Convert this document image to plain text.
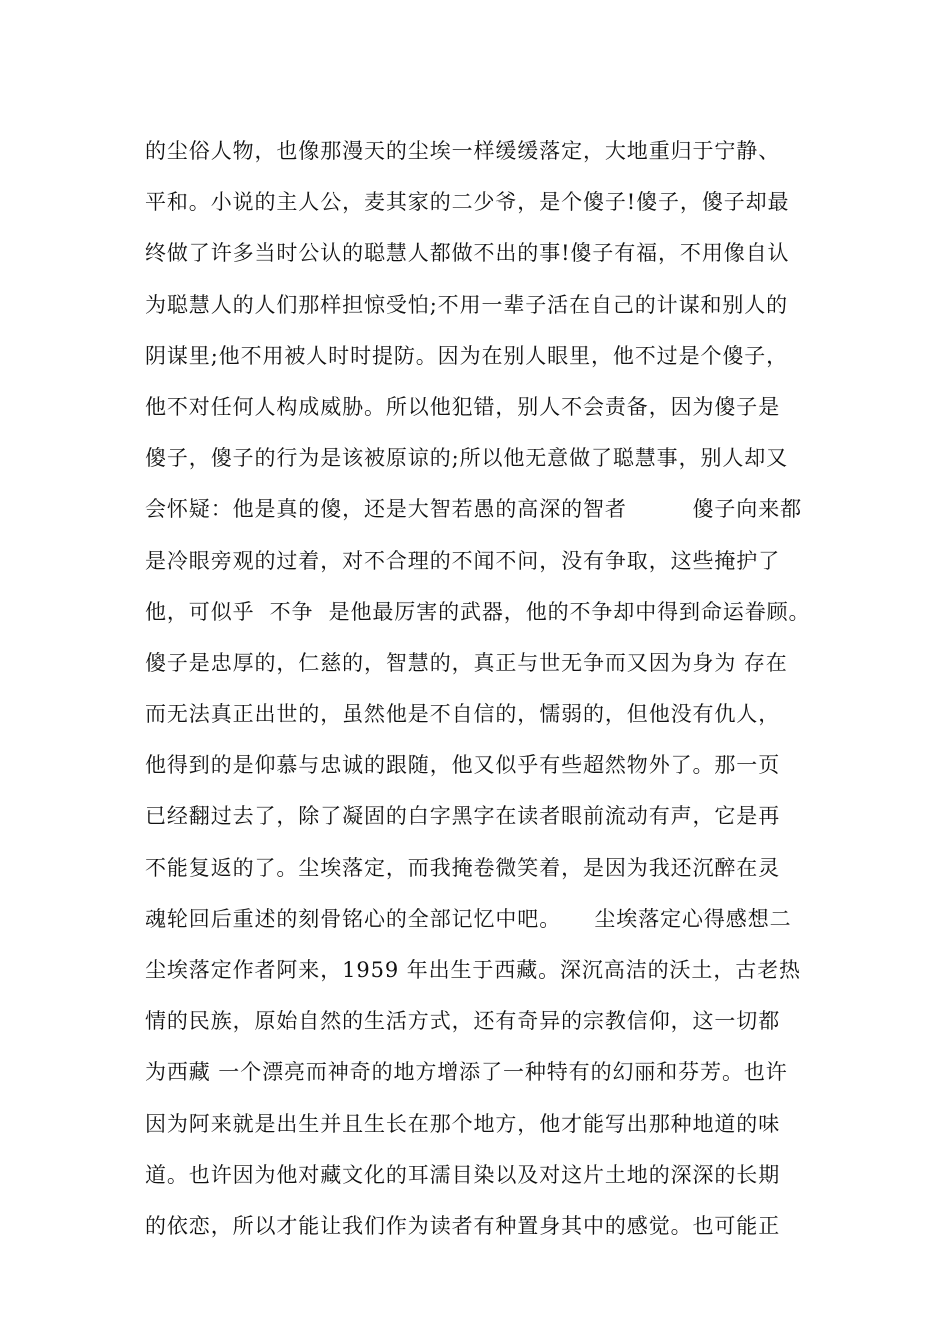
的尘俗人物，也像那漫天的尘埃一样缓缓落定，大地重归于宁静、
平和。小说的主人公，麦其家的二少爷，是个傻子!傻子，傻子却最
终做了许多当时公认的聪慧人都做不出的事!傻子有福，不用像自认
为聪慧人的人们那样担惊受怕;不用一辈子活在自己的计谋和别人的
阴谋里;他不用被人时时提防。因为在别人眼里，他不过是个傻子，
他不对任何人构成威胁。所以他犯错，别人不会责备，因为傻子是
傻子，傻子的行为是该被原谅的;所以他无意做了聪慧事，别人却又
会怀疑：他是真的傻，还是大智若愚的高深的智者　　　傻子向来都
是冷眼旁观的过着，对不合理的不闻不问，没有争取，这些掩护了
他，可似乎  不争  是他最厉害的武器，他的不争却中得到命运眷顾。
傻子是忠厚的，仁慈的，智慧的，真正与世无争而又因为身为 存在
而无法真正出世的，虽然他是不自信的，懦弱的，但他没有仇人，
他得到的是仰慕与忠诚的跟随，他又似乎有些超然物外了。那一页
已经翻过去了，除了凝固的白字黑字在读者眼前流动有声，它是再
不能复返的了。尘埃落定，而我掩卷微笑着，是因为我还沉醉在灵
魂轮回后重述的刻骨铭心的全部记忆中吧。　　尘埃落定心得感想二
尘埃落定作者阿来，1959 年出生于西藏。深沉高洁的沃土，古老热
情的民族，原始自然的生活方式，还有奇异的宗教信仰，这一切都
为西藏 一个漂亮而神奇的地方增添了一种特有的幻丽和芬芳。也许
因为阿来就是出生并且生长在那个地方，他才能写出那种地道的味
道。也许因为他对藏文化的耳濡目染以及对这片土地的深深的长期
的依恋，所以才能让我们作为读者有种置身其中的感觉。也可能正
